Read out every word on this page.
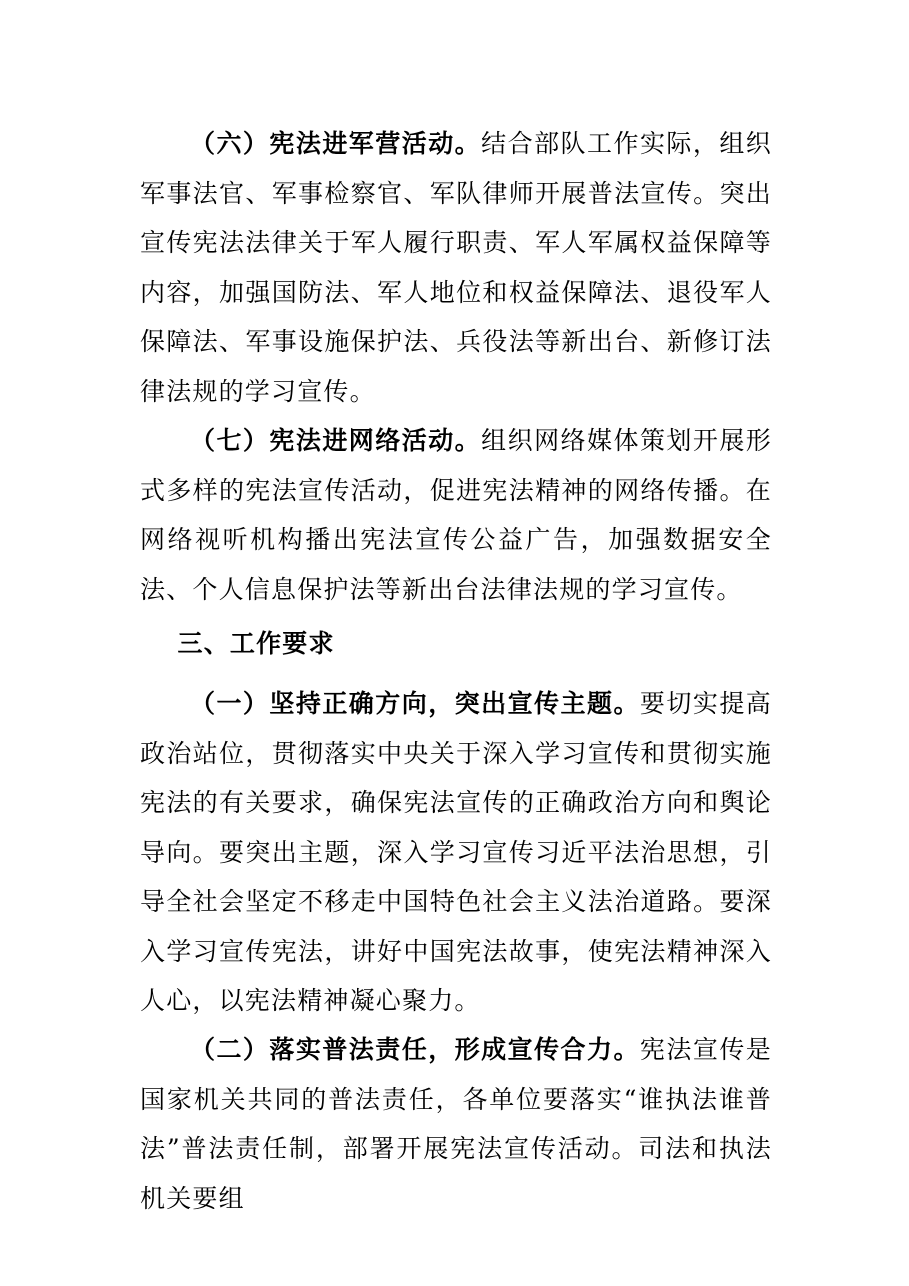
（六）宪法进军营活动。结合部队工作实际，组织军事法官、军事检察官、军队律师开展普法宣传。突出宣传宪法法律关于军人履行职责、军人军属权益保障等内容，加强国防法、军人地位和权益保障法、退役军人保障法、军事设施保护法、兵役法等新出台、新修订法律法规的学习宣传。

（七）宪法进网络活动。组织网络媒体策划开展形式多样的宪法宣传活动，促进宪法精神的网络传播。在网络视听机构播出宪法宣传公益广告，加强数据安全法、个人信息保护法等新出台法律法规的学习宣传。

三、工作要求

（一）坚持正确方向，突出宣传主题。要切实提高政治站位，贯彻落实中央关于深入学习宣传和贯彻实施宪法的有关要求，确保宪法宣传的正确政治方向和舆论导向。要突出主题，深入学习宣传习近平法治思想，引导全社会坚定不移走中国特色社会主义法治道路。要深入学习宣传宪法，讲好中国宪法故事，使宪法精神深入人心，以宪法精神凝心聚力。

（二）落实普法责任，形成宣传合力。宪法宣传是国家机关共同的普法责任，各单位要落实“谁执法谁普法”普法责任制，部署开展宪法宣传活动。司法和执法机关要组
